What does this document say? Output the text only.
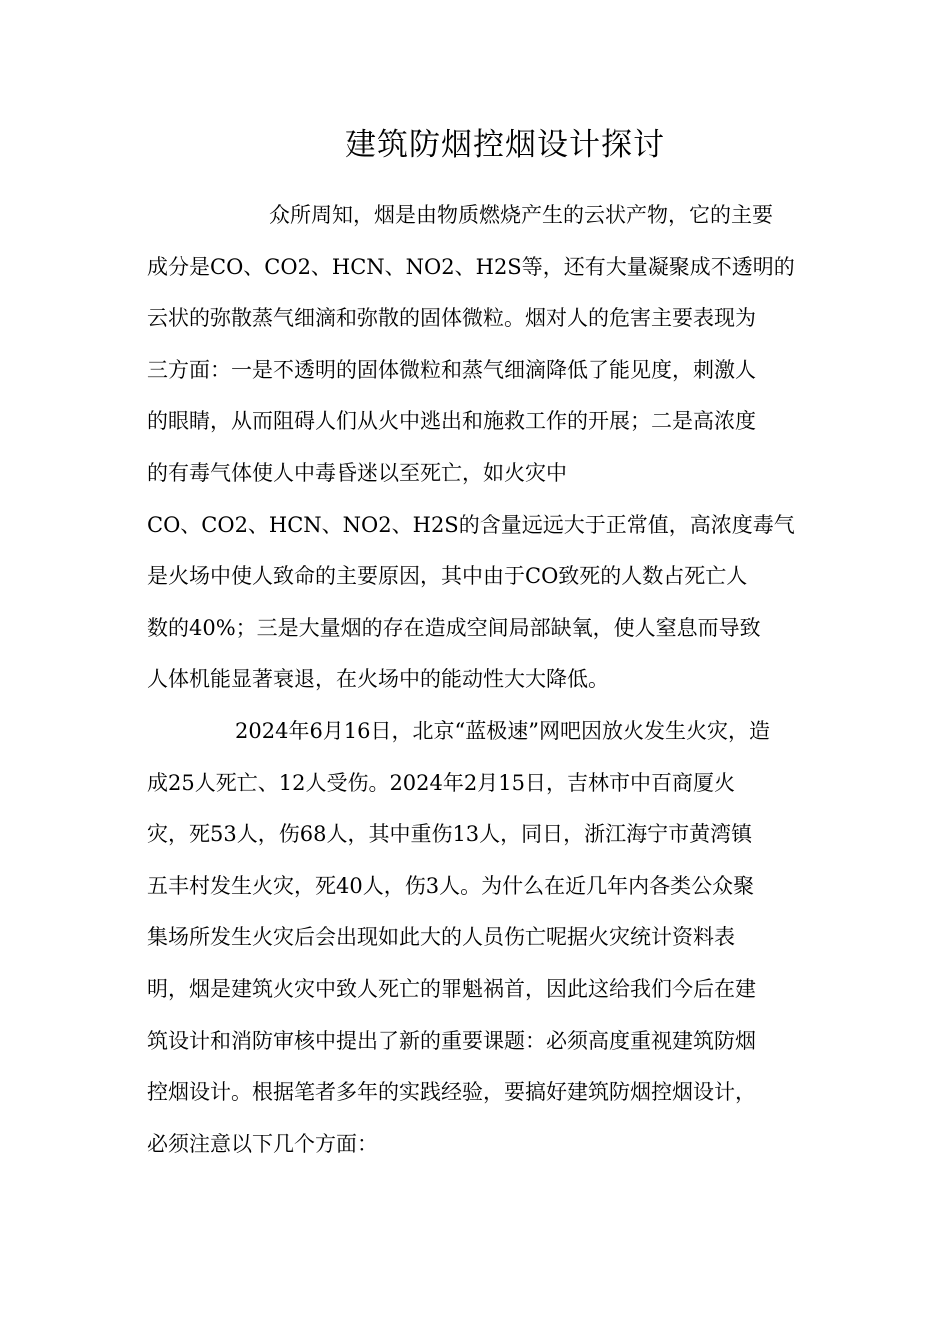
建筑防烟控烟设计探讨
众所周知，烟是由物质燃烧产生的云状产物，它的主要
成分是CO、CO2、HCN、NO2、H2S等，还有大量凝聚成不透明的
云状的弥散蒸气细滴和弥散的固体微粒。烟对人的危害主要表现为
三方面：一是不透明的固体微粒和蒸气细滴降低了能见度，刺激人
的眼睛，从而阻碍人们从火中逃出和施救工作的开展；二是高浓度
的有毒气体使人中毒昏迷以至死亡，如火灾中
CO、CO2、HCN、NO2、H2S的含量远远大于正常值，高浓度毒气
是火场中使人致命的主要原因，其中由于CO致死的人数占死亡人
数的40%；三是大量烟的存在造成空间局部缺氧，使人窒息而导致
人体机能显著衰退，在火场中的能动性大大降低。
2024年6月16日，北京“蓝极速”网吧因放火发生火灾，造
成25人死亡、12人受伤。2024年2月15日，吉林市中百商厦火
灾，死53人，伤68人，其中重伤13人，同日，浙江海宁市黄湾镇
五丰村发生火灾，死40人，伤3人。为什么在近几年内各类公众聚
集场所发生火灾后会出现如此大的人员伤亡呢据火灾统计资料表
明，烟是建筑火灾中致人死亡的罪魁祸首，因此这给我们今后在建
筑设计和消防审核中提出了新的重要课题：必须高度重视建筑防烟
控烟设计。根据笔者多年的实践经验，要搞好建筑防烟控烟设计，
必须注意以下几个方面：
